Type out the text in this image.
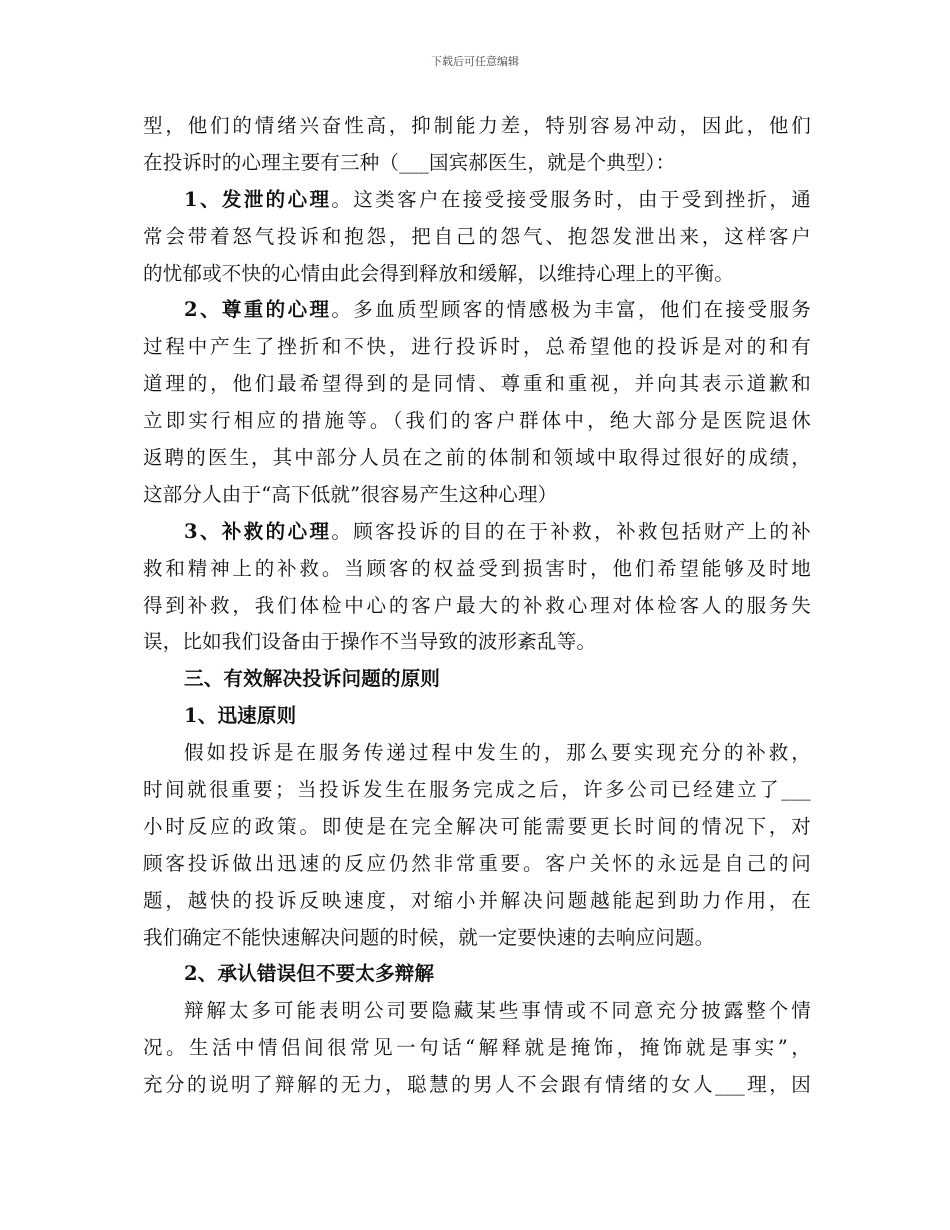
下载后可任意编辑
型，他们的情绪兴奋性高，抑制能力差，特别容易冲动，因此，他们
在投诉时的心理主要有三种（___国宾郝医生，就是个典型）：
1、发泄的心理。这类客户在接受接受服务时，由于受到挫折，通
常会带着怒气投诉和抱怨，把自己的怨气、抱怨发泄出来，这样客户
的忧郁或不快的心情由此会得到释放和缓解，以维持心理上的平衡。
2、尊重的心理。多血质型顾客的情感极为丰富，他们在接受服务
过程中产生了挫折和不快，进行投诉时，总希望他的投诉是对的和有
道理的，他们最希望得到的是同情、尊重和重视，并向其表示道歉和
立即实行相应的措施等。（我们的客户群体中，绝大部分是医院退休
返聘的医生，其中部分人员在之前的体制和领域中取得过很好的成绩，
这部分人由于“高下低就”很容易产生这种心理）
3、补救的心理。顾客投诉的目的在于补救，补救包括财产上的补
救和精神上的补救。当顾客的权益受到损害时，他们希望能够及时地
得到补救，我们体检中心的客户最大的补救心理对体检客人的服务失
误，比如我们设备由于操作不当导致的波形紊乱等。
三、有效解决投诉问题的原则
1、迅速原则
假如投诉是在服务传递过程中发生的，那么要实现充分的补救，
时间就很重要；当投诉发生在服务完成之后，许多公司已经建立了___
小时反应的政策。即使是在完全解决可能需要更长时间的情况下，对
顾客投诉做出迅速的反应仍然非常重要。客户关怀的永远是自己的问
题，越快的投诉反映速度，对缩小并解决问题越能起到助力作用，在
我们确定不能快速解决问题的时候，就一定要快速的去响应问题。
2、承认错误但不要太多辩解
辩解太多可能表明公司要隐藏某些事情或不同意充分披露整个情
况。生活中情侣间很常见一句话“解释就是掩饰，掩饰就是事实”，
充分的说明了辩解的无力，聪慧的男人不会跟有情绪的女人___理，因
